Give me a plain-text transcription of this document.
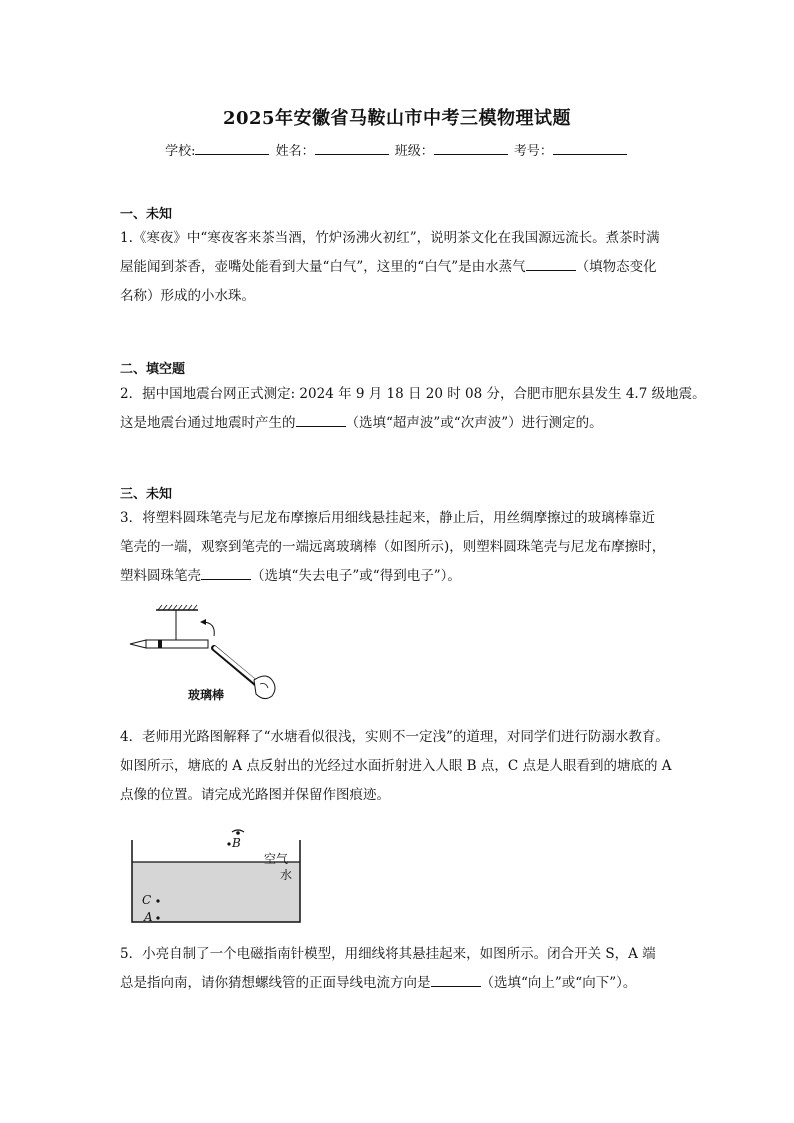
2025年安徽省马鞍山市中考三模物理试题
学校:	姓名：	班级：	考号：
一、未知
1.《寒夜》中“寒夜客来茶当酒，竹炉汤沸火初红”，说明茶文化在我国源远流长。煮茶时满
屋能闻到茶香，壶嘴处能看到大量“白气”，这里的“白气”是由水蒸气	（填物态变化
名称）形成的小水珠。
二、填空题
2．据中国地震台网正式测定: 2024 年 9 月 18 日 20 时 08 分，合肥市肥东县发生 4.7 级地震。
这是地震台通过地震时产生的	（选填“超声波”或“次声波”）进行测定的。
三、未知
3．将塑料圆珠笔壳与尼龙布摩擦后用细线悬挂起来，静止后，用丝绸摩擦过的玻璃棒靠近
笔壳的一端，观察到笔壳的一端远离玻璃棒（如图所示)，则塑料圆珠笔壳与尼龙布摩擦时，
塑料圆珠笔壳	（选填“失去电子”或“得到电子”）。
玻璃棒
4．老师用光路图解释了“水塘看似很浅，实则不一定浅”的道理，对同学们进行防溺水教育。
如图所示，塘底的 A 点反射出的光经过水面折射进入人眼 B 点，C 点是人眼看到的塘底的 A
点像的位置。请完成光路图并保留作图痕迹。
B
空气
水
C
A
5．小亮自制了一个电磁指南针模型，用细线将其悬挂起来，如图所示。闭合开关 S，A 端
总是指向南，请你猜想螺线管的正面导线电流方向是	（选填“向上”或“向下”）。
